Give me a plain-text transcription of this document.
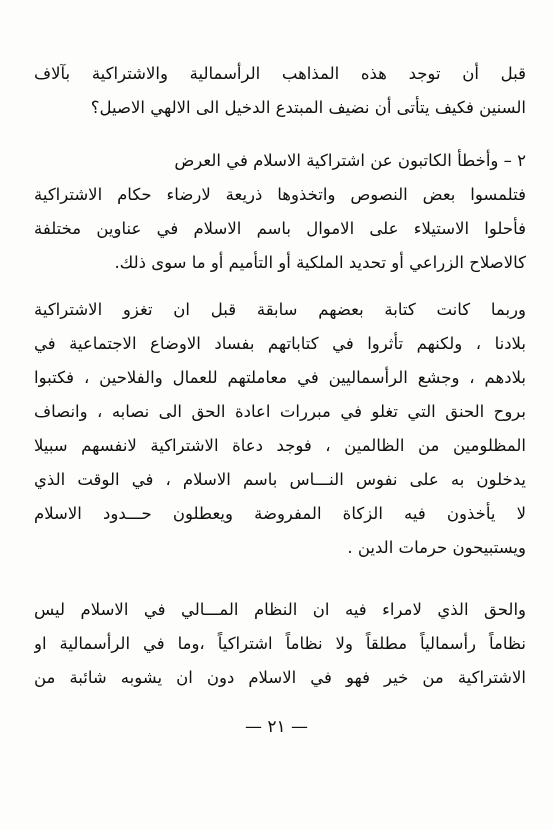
قبل أن توجد هذه المذاهب الرأسمالية والاشتراكية بآلاف
السنين فكيف يتأتى أن نضيف المبتدع الدخيل الى الالهي الاصيل؟
٢ – وأخطأ الكاتبون عن اشتراكية الاسلام في العرض
فتلمسوا بعض النصوص واتخذوها ذريعة لارضاء حكام الاشتراكية
فأحلوا الاستيلاء على الاموال باسم الاسلام في عناوين مختلفة
كالاصلاح الزراعي أو تحديد الملكية أو التأميم أو ما سوى ذلك.
وربما كانت كتابة بعضهم سابقة قبل ان تغزو الاشتراكية
بلادنا ، ولكنهم تأثروا في كتاباتهم بفساد الاوضاع الاجتماعية في
بلادهم ، وجشع الرأسماليين في معاملتهم للعمال والفلاحين ، فكتبوا
بروح الحنق التي تغلو في مبررات اعادة الحق الى نصابه ، وانصاف
المظلومين من الظالمين ، فوجد دعاة الاشتراكية لانفسهم سبيلا
يدخلون به على نفوس النـــاس باسم الاسلام ، في الوقت الذي
لا يأخذون فيه الزكاة المفروضة ويعطلون حـــدود الاسلام
ويستبيحون حرمات الدين .
والحق الذي لامراء فيه ان النظام المـــالي في الاسلام ليس
نظاماً رأسمالياً مطلقاً ولا نظاماً اشتراكياً ،وما في الرأسمالية او
الاشتراكية من خير فهو في الاسلام دون ان يشوبه شائبة من
— ٢١ —
